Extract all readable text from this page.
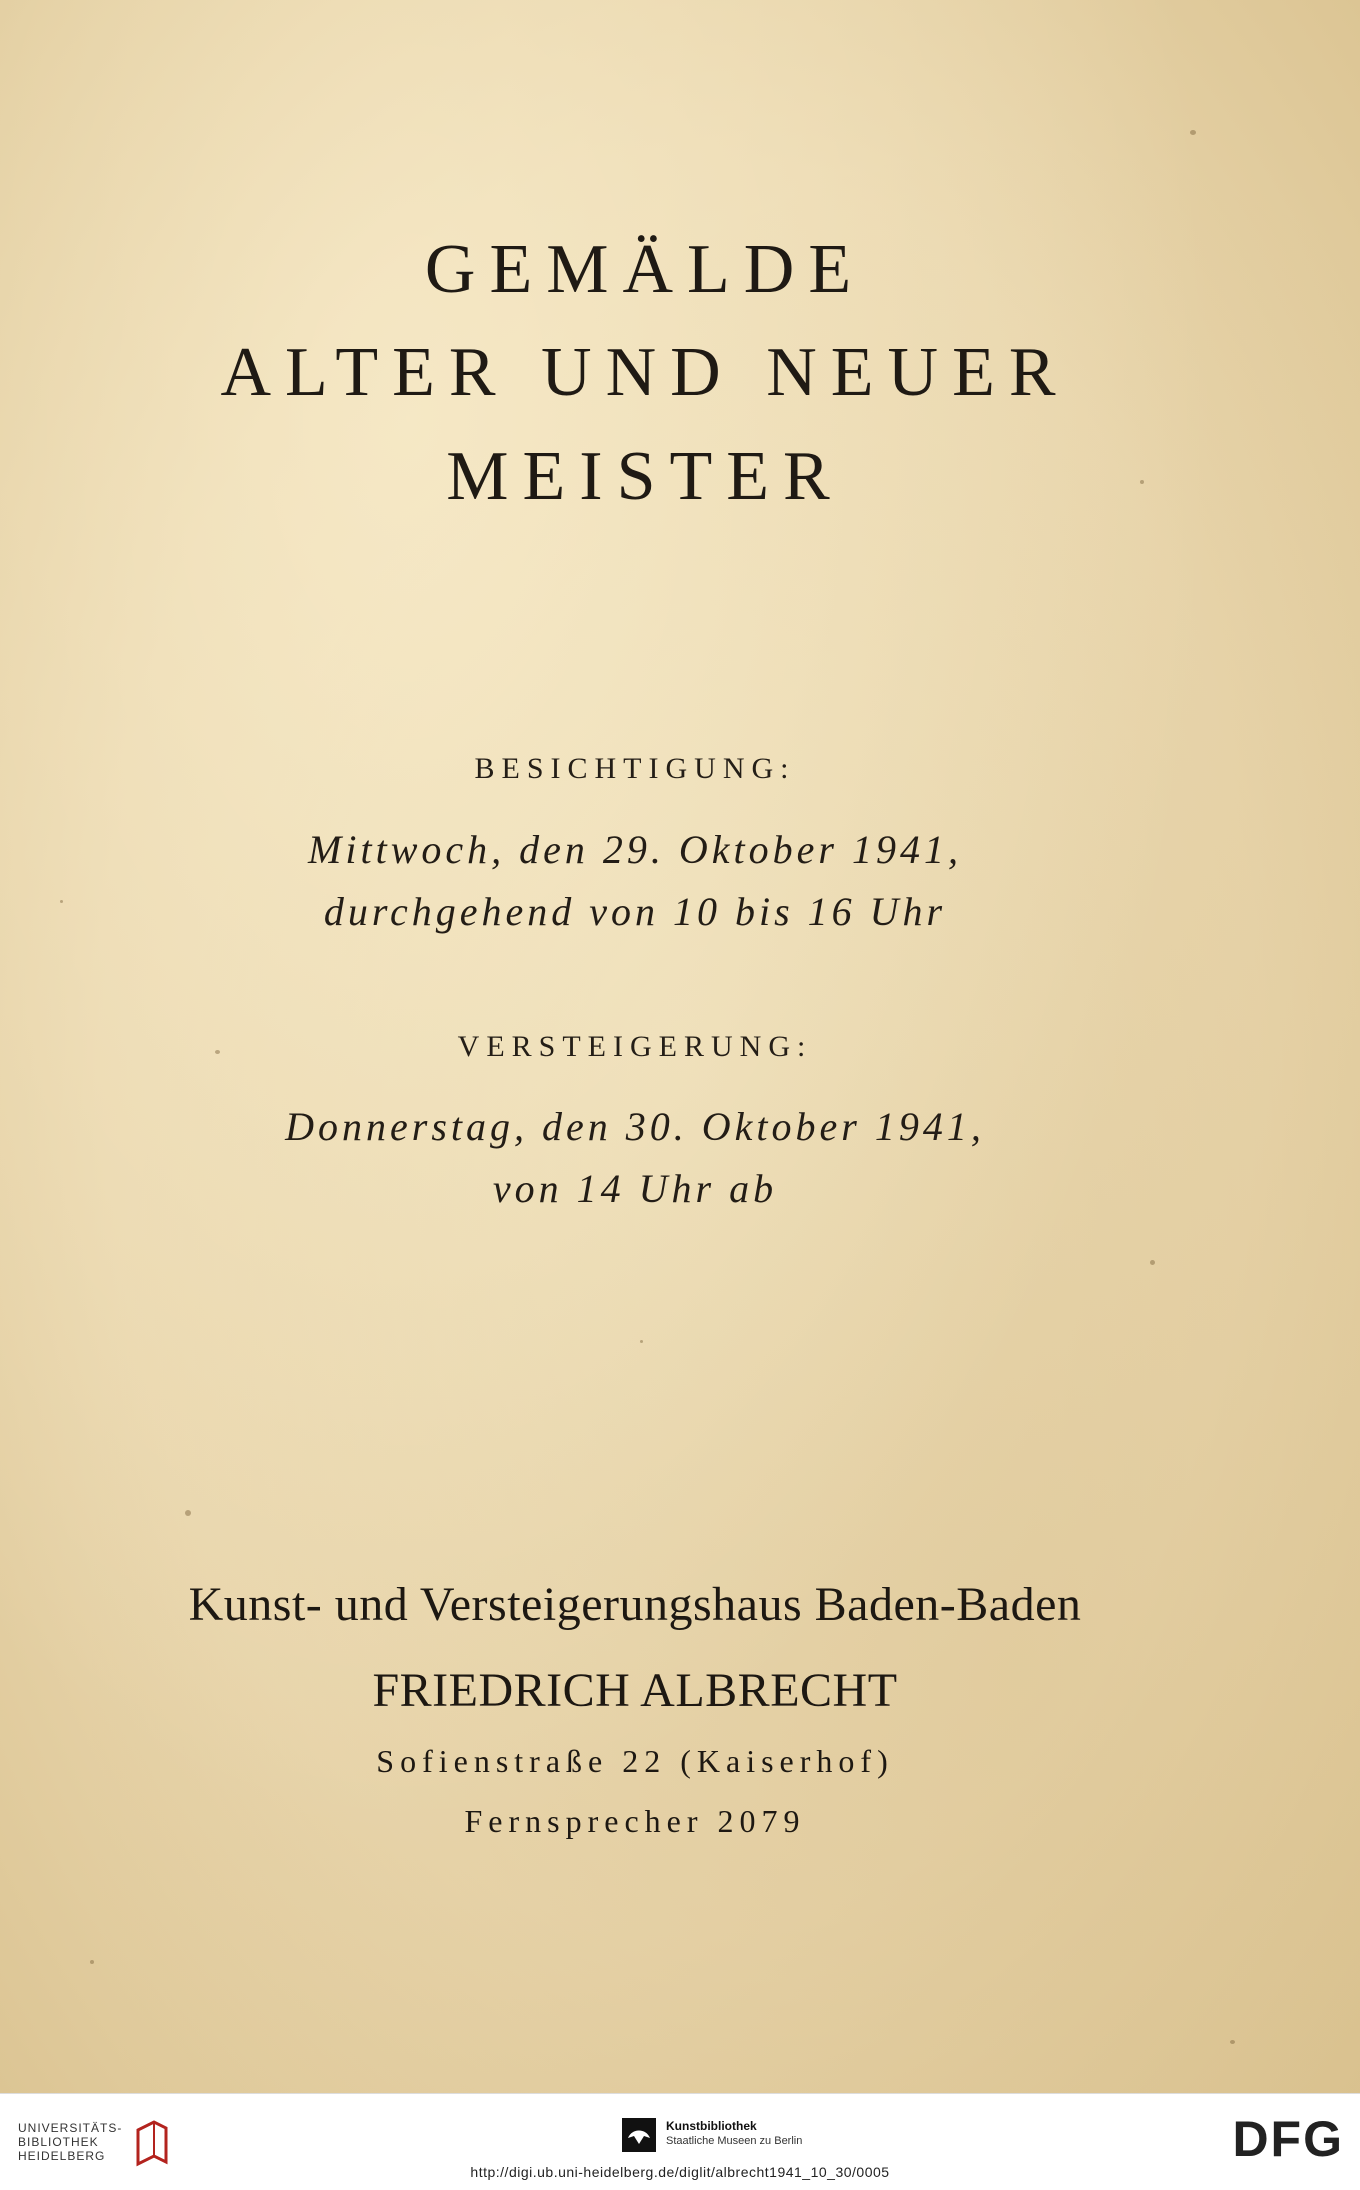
GEMÄLDE
ALTER UND NEUER
MEISTER
BESICHTIGUNG:
Mittwoch, den 29. Oktober 1941,
durchgehend von 10 bis 16 Uhr
VERSTEIGERUNG:
Donnerstag, den 30. Oktober 1941,
von 14 Uhr ab
Kunst- und Versteigerungshaus Baden-Baden
FRIEDRICH ALBRECHT
Sofienstraße 22 (Kaiserhof)
Fernsprecher 2079
UNIVERSITÄTS-
BIBLIOTHEK
HEIDELBERG
Kunstbibliothek
Staatliche Museen zu Berlin	DFG
http://digi.ub.uni-heidelberg.de/diglit/albrecht1941_10_30/0005
